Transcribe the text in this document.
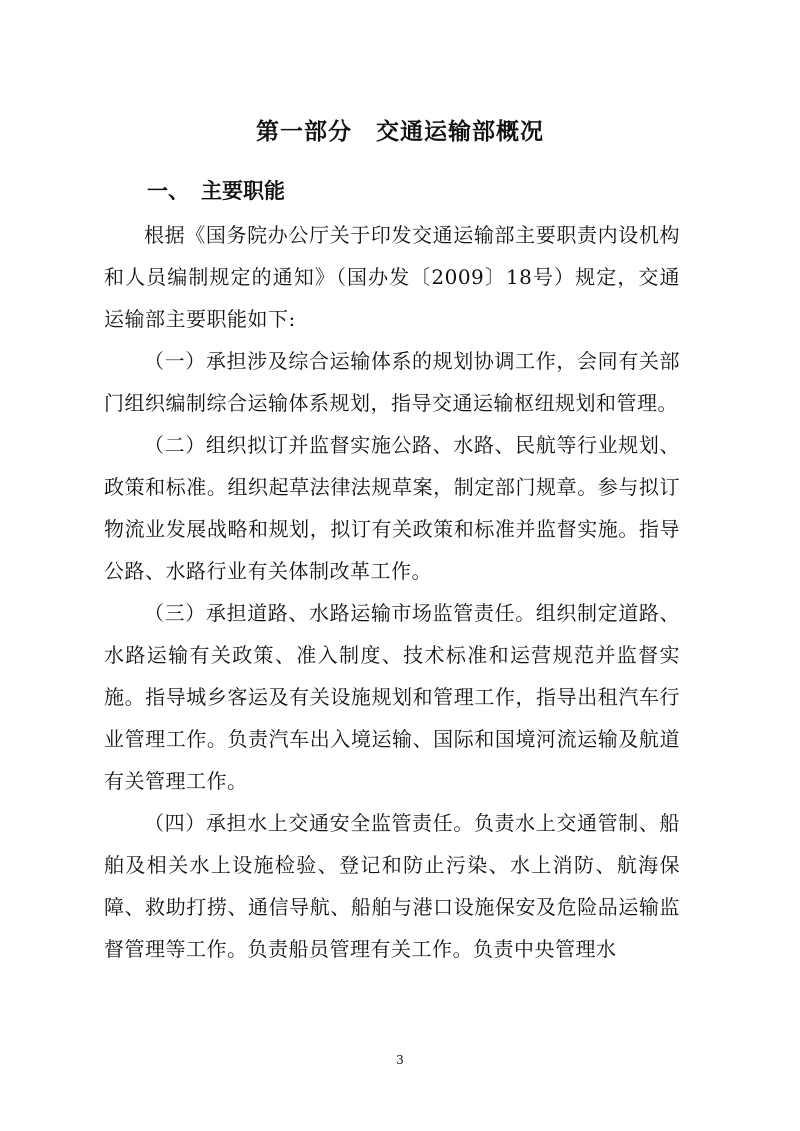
第一部分　交通运输部概况
一、 主要职能

根据《国务院办公厅关于印发交通运输部主要职责内设机构和人员编制规定的通知》（国办发〔2009〕18号）规定，交通运输部主要职能如下:

（一）承担涉及综合运输体系的规划协调工作，会同有关部门组织编制综合运输体系规划，指导交通运输枢纽规划和管理。

（二）组织拟订并监督实施公路、水路、民航等行业规划、政策和标准。组织起草法律法规草案，制定部门规章。参与拟订物流业发展战略和规划，拟订有关政策和标准并监督实施。指导公路、水路行业有关体制改革工作。

（三）承担道路、水路运输市场监管责任。组织制定道路、水路运输有关政策、准入制度、技术标准和运营规范并监督实施。指导城乡客运及有关设施规划和管理工作，指导出租汽车行业管理工作。负责汽车出入境运输、国际和国境河流运输及航道有关管理工作。

（四）承担水上交通安全监管责任。负责水上交通管制、船舶及相关水上设施检验、登记和防止污染、水上消防、航海保障、救助打捞、通信导航、船舶与港口设施保安及危险品运输监督管理等工作。负责船员管理有关工作。负责中央管理水

3
